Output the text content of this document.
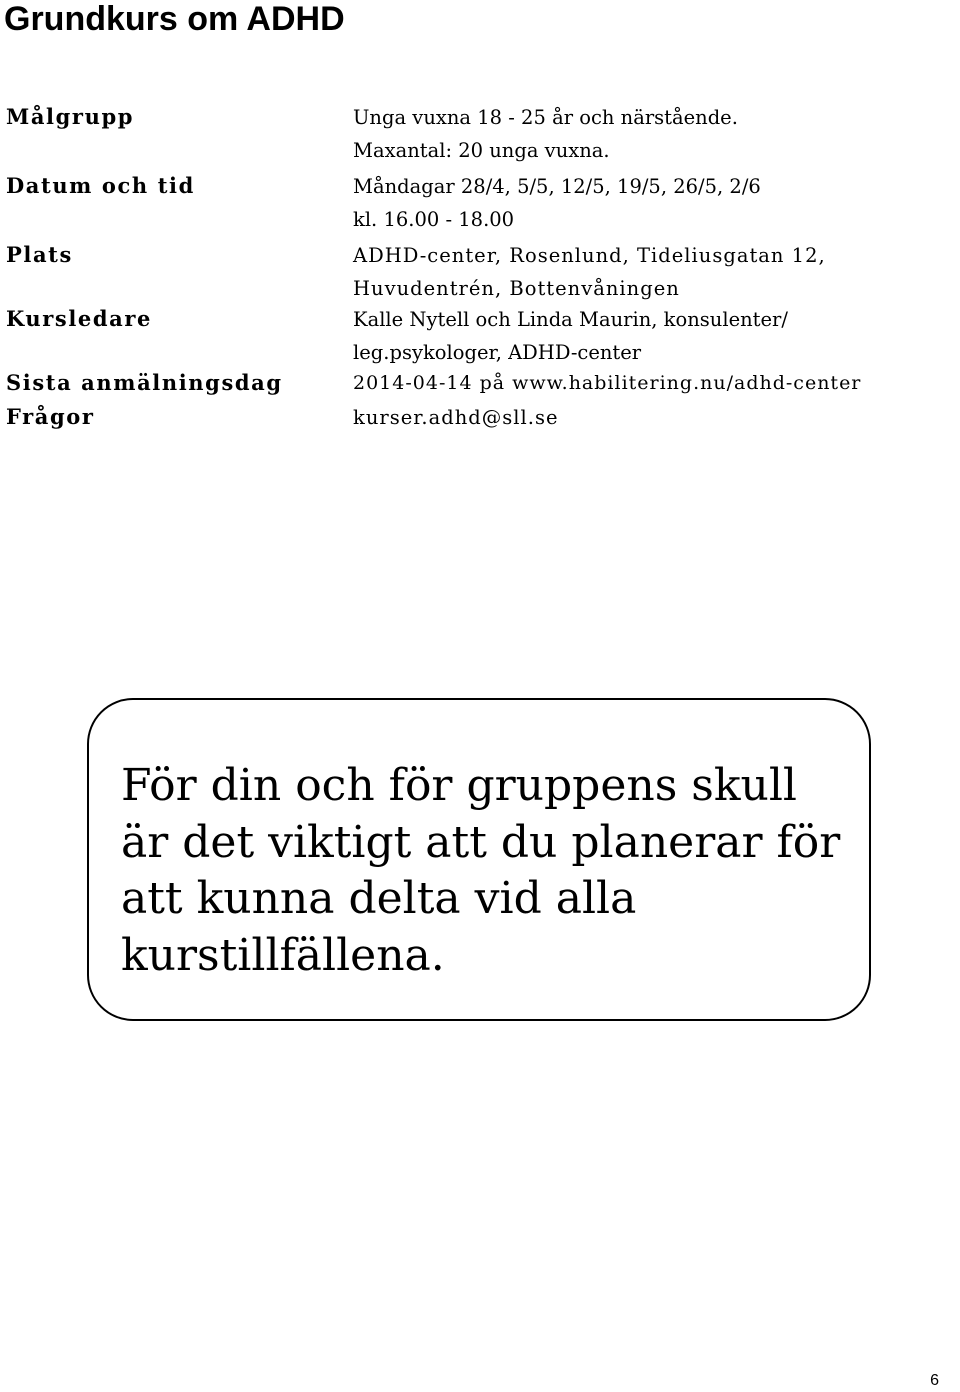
Grundkurs om ADHD
Målgrupp	Unga vuxna 18 - 25 år och närstående.
Maxantal: 20 unga vuxna.
Datum och tid	Måndagar 28/4, 5/5, 12/5, 19/5, 26/5, 2/6
kl. 16.00 - 18.00
Plats	ADHD-center, Rosenlund, Tideliusgatan 12,
Huvudentrén, Bottenvåningen
Kursledare	Kalle Nytell och Linda Maurin, konsulenter/
leg.psykologer, ADHD-center
Sista anmälningsdag	2014-04-14 på www.habilitering.nu/adhd-center
Frågor	kurser.adhd@sll.se
För din och för gruppens skull är det viktigt att du planerar för att kunna delta vid alla kurstillfällena.
6
